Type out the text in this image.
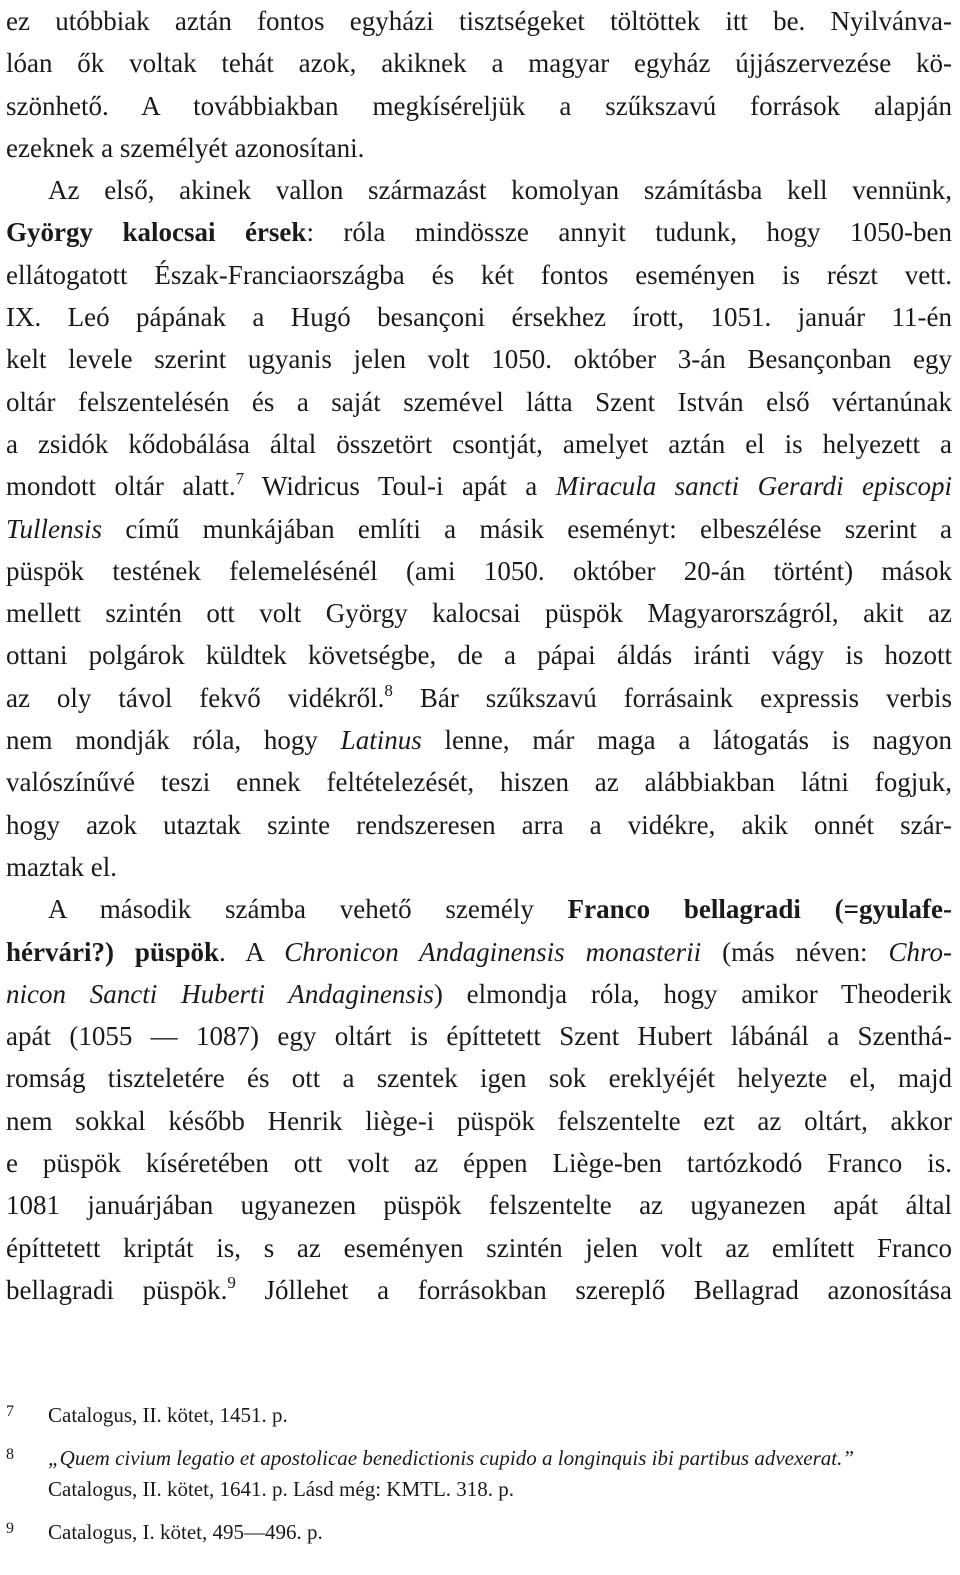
ez utóbbiak aztán fontos egyházi tisztségeket töltöttek itt be. Nyilvánva-
lóan ők voltak tehát azok, akiknek a magyar egyház újjászervezése kö-
szönhető. A továbbiakban megkíséreljük a szűkszavú források alapján
ezeknek a személyét azonosítani.
Az első, akinek vallon származást komolyan számításba kell vennünk,
György kalocsai érsek: róla mindössze annyit tudunk, hogy 1050-ben
ellátogatott Észak-Franciaországba és két fontos eseményen is részt vett.
IX. Leó pápának a Hugó besançoni érsekhez írott, 1051. január 11-én
kelt levele szerint ugyanis jelen volt 1050. október 3-án Besançonban egy
oltár felszentelésén és a saját szemével látta Szent István első vértanúnak
a zsidók kődobálása által összetört csontját, amelyet aztán el is helyezett a
mondott oltár alatt.$^7$ Widricus Toul-i apát a Miracula sancti Gerardi episcopi
Tullensis című munkájában említi a másik eseményt: elbeszélése szerint a
püspök testének felemelésénél (ami 1050. október 20-án történt) mások
mellett szintén ott volt György kalocsai püspök Magyarországról, akit az
ottani polgárok küldtek követségbe, de a pápai áldás iránti vágy is hozott
az oly távol fekvő vidékről.$^8$ Bár szűkszavú forrásaink expressis verbis
nem mondják róla, hogy Latinus lenne, már maga a látogatás is nagyon
valószínűvé teszi ennek feltételezését, hiszen az alábbiakban látni fogjuk,
hogy azok utaztak szinte rendszeresen arra a vidékre, akik onnét szár-
maztak el.
A második számba vehető személy Franco bellagradi (=gyulafe-
hérvári?) püspök. A Chronicon Andaginensis monasterii (más néven: Chro-
nicon Sancti Huberti Andaginensis) elmondja róla, hogy amikor Theoderik
apát (1055 — 1087) egy oltárt is építtetett Szent Hubert lábánál a Szenthá-
romság tiszteletére és ott a szentek igen sok ereklyéjét helyezte el, majd
nem sokkal később Henrik liège-i püspök felszentelte ezt az oltárt, akkor
e püspök kíséretében ott volt az éppen Liège-ben tartózkodó Franco is.
1081 januárjában ugyanezen püspök felszentelte az ugyanezen apát által
építtetett kriptát is, s az eseményen szintén jelen volt az említett Franco
bellagradi püspök.$^9$ Jóllehet a forrásokban szereplő Bellagrad azonosítása
7 Catalogus, II. kötet, 1451. p.
8 „Quem civium legatio et apostolicae benedictionis cupido a longinquis ibi partibus advexerat.”
Catalogus, II. kötet, 1641. p. Lásd még: KMTL. 318. p.
9 Catalogus, I. kötet, 495—496. p.
